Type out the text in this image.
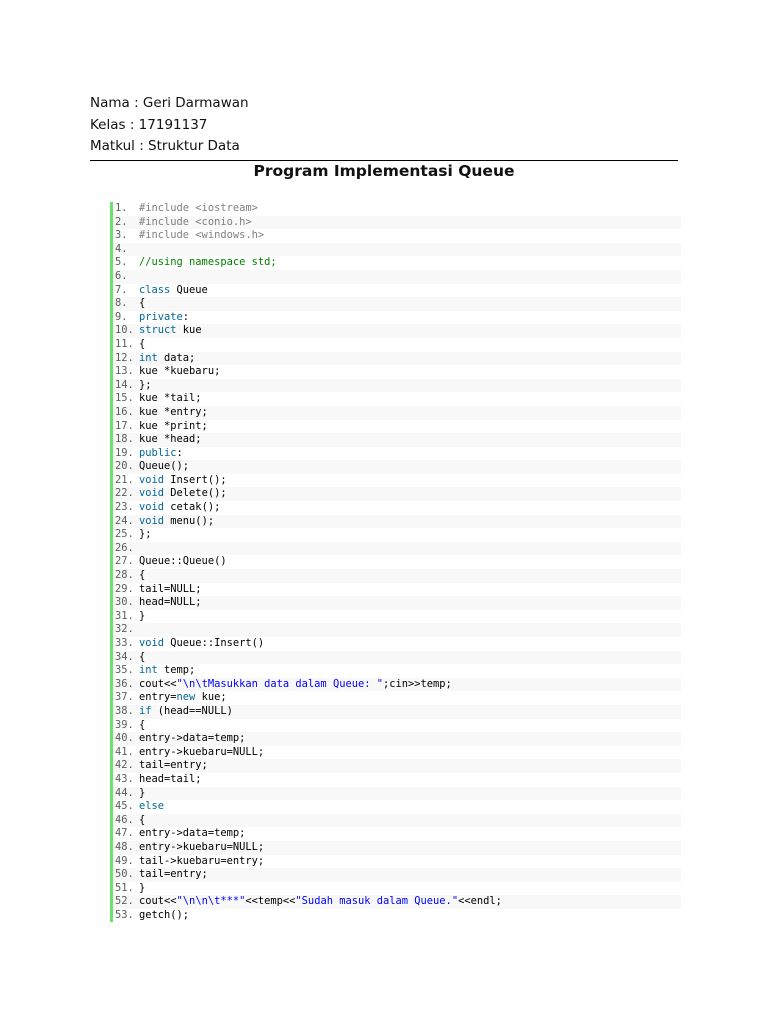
Nama : Geri Darmawan
Kelas : 17191137
Matkul : Struktur Data
Program Implementasi Queue
1. #include <iostream>
2. #include <conio.h>
3. #include <windows.h>
4.
5. //using namespace std;
6.
7. class Queue
8. {
9. private:
10. struct kue
11. {
12. int data;
13. kue *kuebaru;
14. };
15. kue *tail;
16. kue *entry;
17. kue *print;
18. kue *head;
19. public:
20. Queue();
21. void Insert();
22. void Delete();
23. void cetak();
24. void menu();
25. };
26.
27. Queue::Queue()
28. {
29. tail=NULL;
30. head=NULL;
31. }
32.
33. void Queue::Insert()
34. {
35. int temp;
36. cout<<"\n\tMasukkan data dalam Queue: ";cin>>temp;
37. entry=new kue;
38. if (head==NULL)
39. {
40. entry->data=temp;
41. entry->kuebaru=NULL;
42. tail=entry;
43. head=tail;
44. }
45. else
46. {
47. entry->data=temp;
48. entry->kuebaru=NULL;
49. tail->kuebaru=entry;
50. tail=entry;
51. }
52. cout<<"\n\n\t***"<<temp<<"Sudah masuk dalam Queue."<<endl;
53. getch();
